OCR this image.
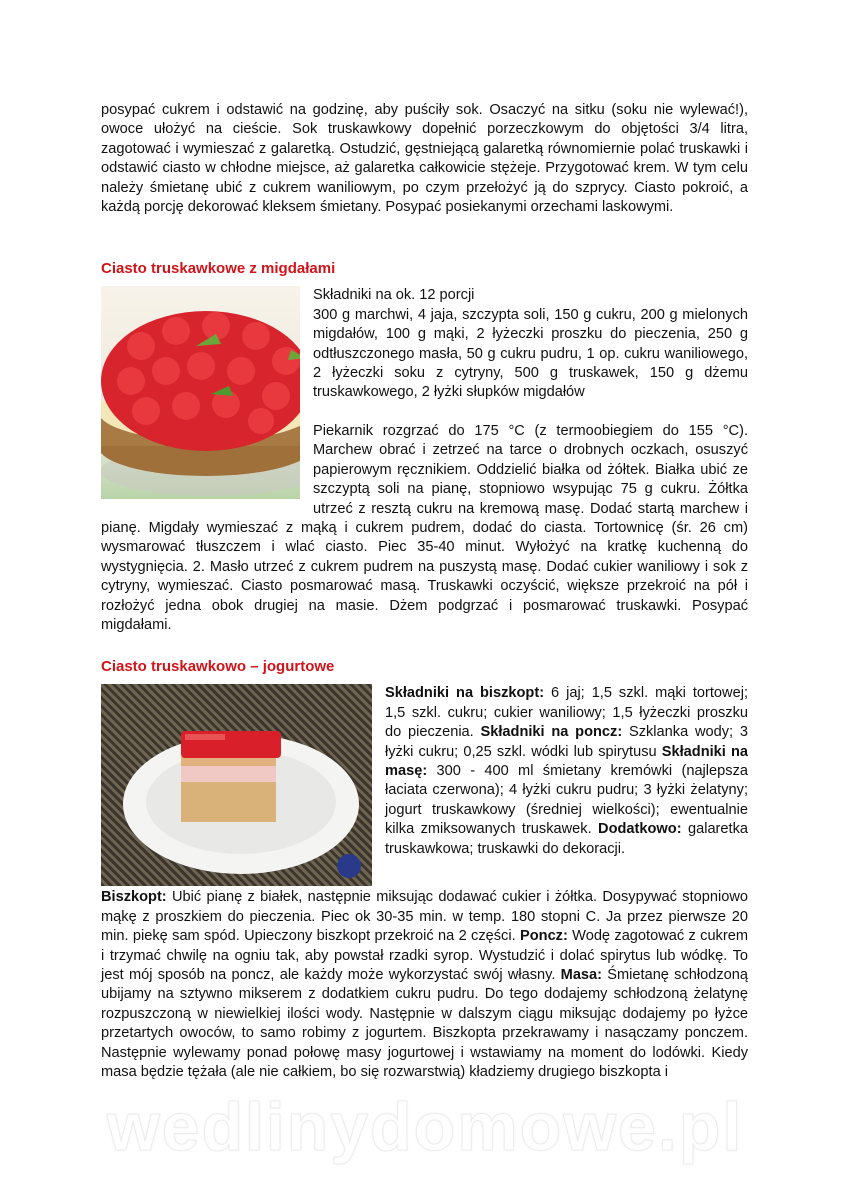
posypać cukrem i odstawić na godzinę, aby puściły sok. Osaczyć na sitku (soku nie wylewać!), owoce ułożyć na cieście. Sok truskawkowy dopełnić porzeczkowym do objętości 3/4 litra, zagotować i wymieszać z galaretką. Ostudzić, gęstniejącą galaretką równomiernie polać truskawki i odstawić ciasto w chłodne miejsce, aż galaretka całkowicie stężeje. Przygotować krem. W tym celu należy śmietanę ubić z cukrem waniliowym, po czym przełożyć ją do szprycy. Ciasto pokroić, a każdą porcję dekorować kleksem śmietany. Posypać posiekanymi orzechami laskowymi.

Ciasto truskawkowe z migdałami

Składniki na ok. 12 porcji

300 g marchwi, 4 jaja, szczypta soli, 150 g cukru, 200 g mielonych migdałów, 100 g mąki, 2 łyżeczki proszku do pieczenia, 250 g odtłuszczonego masła, 50 g cukru pudru, 1 op. cukru waniliowego, 2 łyżeczki soku z cytryny, 500 g truskawek, 150 g dżemu truskawkowego, 2 łyżki słupków migdałów

Piekarnik rozgrzać do 175 °C (z termoobiegiem do 155 °C). Marchew obrać i zetrzeć na tarce o drobnych oczkach, osuszyć papierowym ręcznikiem. Oddzielić białka od żółtek. Białka ubić ze szczyptą soli na pianę, stopniowo wsypując 75 g cukru. Żółtka utrzeć z resztą cukru na kremową masę. Dodać startą marchew i pianę. Migdały wymieszać z mąką i cukrem pudrem, dodać do ciasta. Tortownicę (śr. 26 cm) wysmarować tłuszczem i wlać ciasto. Piec 35-40 minut. Wyłożyć na kratkę kuchenną do wystygnięcia. 2. Masło utrzeć z cukrem pudrem na puszystą masę. Dodać cukier waniliowy i sok z cytryny, wymieszać. Ciasto posmarować masą. Truskawki oczyścić, większe przekroić na pół i rozłożyć jedna obok drugiej na masie. Dżem podgrzać i posmarować truskawki. Posypać migdałami.

Ciasto truskawkowo – jogurtowe

Składniki na biszkopt: 6 jaj; 1,5 szkl. mąki tortowej; 1,5 szkl. cukru; cukier waniliowy; 1,5 łyżeczki proszku do pieczenia. Składniki na poncz: Szklanka wody; 3 łyżki cukru; 0,25 szkl. wódki lub spirytusu Składniki na masę: 300 - 400 ml śmietany kremówki (najlepsza łaciata czerwona); 4 łyżki cukru pudru; 3 łyżki żelatyny; jogurt truskawkowy (średniej wielkości); ewentualnie kilka zmiksowanych truskawek. Dodatkowo: galaretka truskawkowa; truskawki do dekoracji.

Biszkopt: Ubić pianę z białek, następnie miksując dodawać cukier i żółtka. Dosypywać stopniowo mąkę z proszkiem do pieczenia. Piec ok 30-35 min. w temp. 180 stopni C. Ja przez pierwsze 20 min. piekę sam spód. Upieczony biszkopt przekroić na 2 części. Poncz: Wodę zagotować z cukrem i trzymać chwilę na ogniu tak, aby powstał rzadki syrop. Wystudzić i dolać spirytus lub wódkę. To jest mój sposób na poncz, ale każdy może wykorzystać swój własny. Masa: Śmietanę schłodzoną ubijamy na sztywno mikserem z dodatkiem cukru pudru. Do tego dodajemy schłodzoną żelatynę rozpuszczoną w niewielkiej ilości wody. Następnie w dalszym ciągu miksując dodajemy po łyżce przetartych owoców, to samo robimy z jogurtem. Biszkopta przekrawamy i nasączamy ponczem. Następnie wylewamy ponad połowę masy jogurtowej i wstawiamy na moment do lodówki. Kiedy masa będzie tężała (ale nie całkiem, bo się rozwarstwią) kładziemy drugiego biszkopta i

wedlinydomowe.pl
